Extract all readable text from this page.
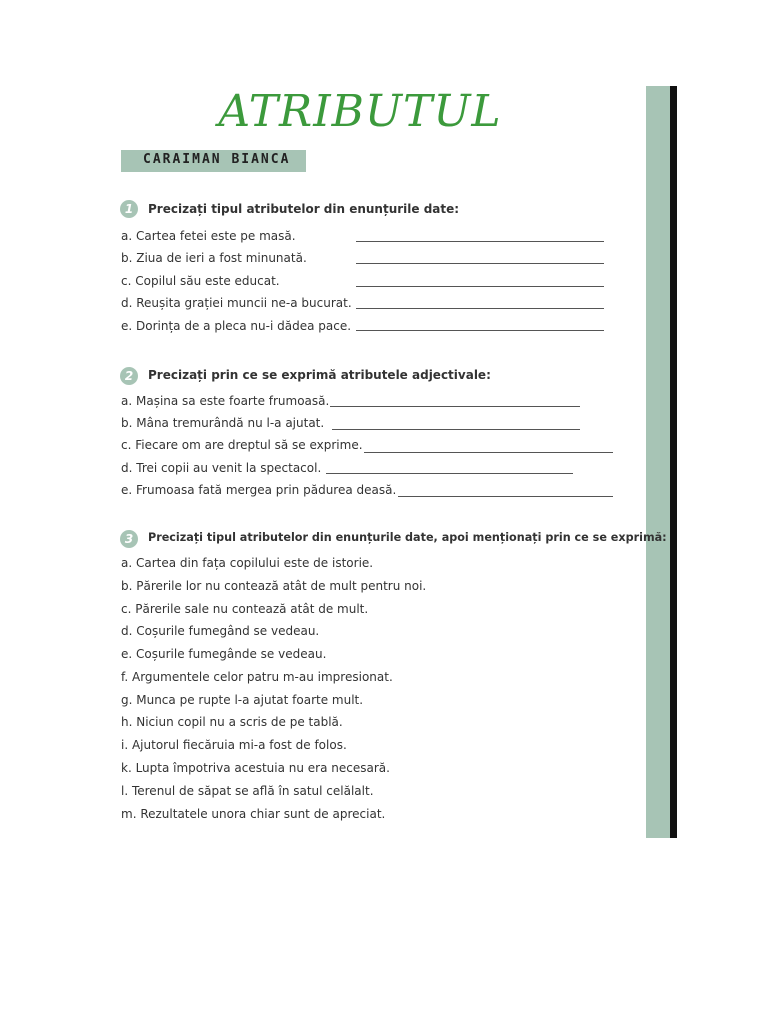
ATRIBUTUL
CARAIMAN BIANCA
1	Precizați tipul atributelor din enunțurile date:
a. Cartea fetei este pe masă.
b. Ziua de ieri a fost minunată.
c. Copilul său este educat.
d. Reușita grației muncii ne-a bucurat.
e. Dorința de a pleca nu-i dădea pace.
2	Precizați prin ce se exprimă atributele adjectivale:
a. Mașina sa este foarte frumoasă.
b. Mâna tremurândă nu l-a ajutat.
c. Fiecare om are dreptul să se exprime.
d. Trei copii au venit la spectacol.
e. Frumoasa fată mergea prin pădurea deasă.
3	Precizați tipul atributelor din enunțurile date, apoi menționați prin ce se exprimă:
a. Cartea din fața copilului este de istorie.
b. Părerile lor nu contează atât de mult pentru noi.
c. Părerile sale nu contează atât de mult.
d. Coșurile fumegând se vedeau.
e. Coșurile fumegânde se vedeau.
f. Argumentele celor patru m-au impresionat.
g. Munca pe rupte l-a ajutat foarte mult.
h. Niciun copil nu a scris de pe tablă.
i. Ajutorul fiecăruia mi-a fost de folos.
k. Lupta împotriva acestuia nu era necesară.
l. Terenul de săpat se află în satul celălalt.
m. Rezultatele unora chiar sunt de apreciat.
